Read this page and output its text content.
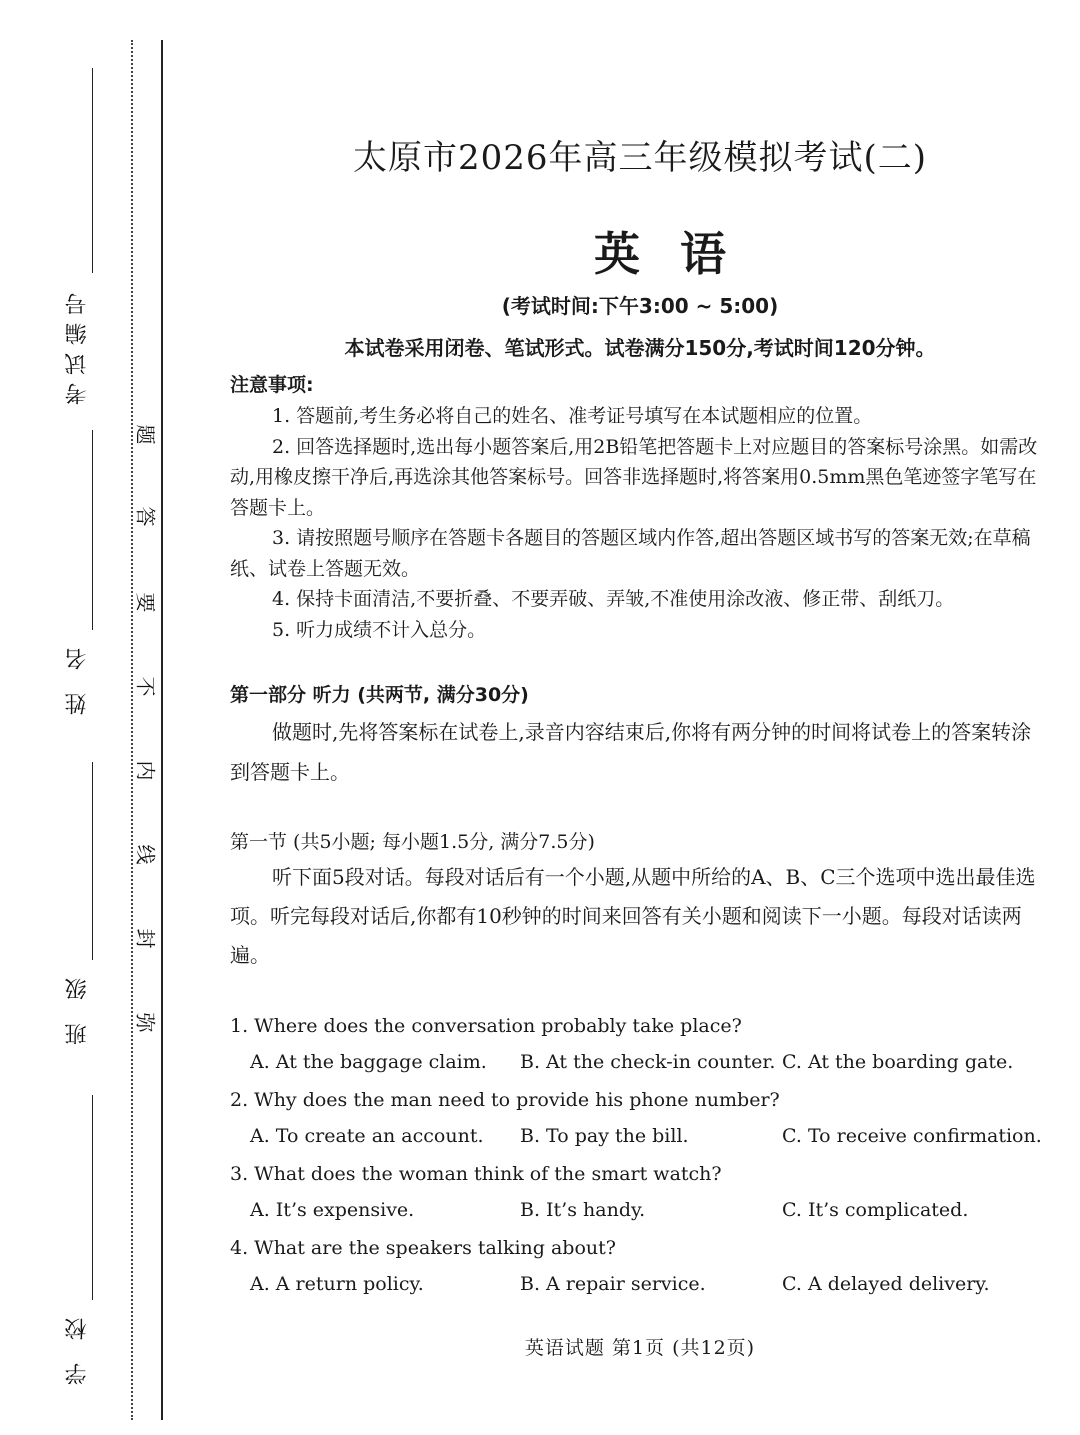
考试编号
姓 名
班 级
学 校
题
答
要
不
内
线
封
弥
太原市2026年高三年级模拟考试(二)
英语
(考试时间:下午3:00 ~ 5:00)
本试卷采用闭卷、笔试形式。试卷满分150分,考试时间120分钟。
注意事项:

1. 答题前,考生务必将自己的姓名、准考证号填写在本试题相应的位置。

2. 回答选择题时,选出每小题答案后,用2B铅笔把答题卡上对应题目的答案标号涂黑。如需改动,用橡皮擦干净后,再选涂其他答案标号。回答非选择题时,将答案用0.5mm黑色笔迹签字笔写在答题卡上。

3. 请按照题号顺序在答题卡各题目的答题区域内作答,超出答题区域书写的答案无效;在草稿纸、试卷上答题无效。

4. 保持卡面清洁,不要折叠、不要弄破、弄皱,不准使用涂改液、修正带、刮纸刀。

5. 听力成绩不计入总分。

第一部分 听力 (共两节, 满分30分)
做题时,先将答案标在试卷上,录音内容结束后,你将有两分钟的时间将试卷上的答案转涂到答题卡上。
第一节 (共5小题; 每小题1.5分, 满分7.5分)
听下面5段对话。每段对话后有一个小题,从题中所给的A、B、C三个选项中选出最佳选项。听完每段对话后,你都有10秒钟的时间来回答有关小题和阅读下一小题。每段对话读两遍。
1. Where does the conversation probably take place?
A. At the baggage claim. B. At the check-in counter. C. At the boarding gate.
2. Why does the man need to provide his phone number?
A. To create an account. B. To pay the bill.	C. To receive confirmation.
3. What does the woman think of the smart watch?
A. It’s expensive.	B. It’s handy.	C. It’s complicated.
4. What are the speakers talking about?
A. A return policy.	B. A repair service.	C. A delayed delivery.
英语试题 第1页 (共12页)
